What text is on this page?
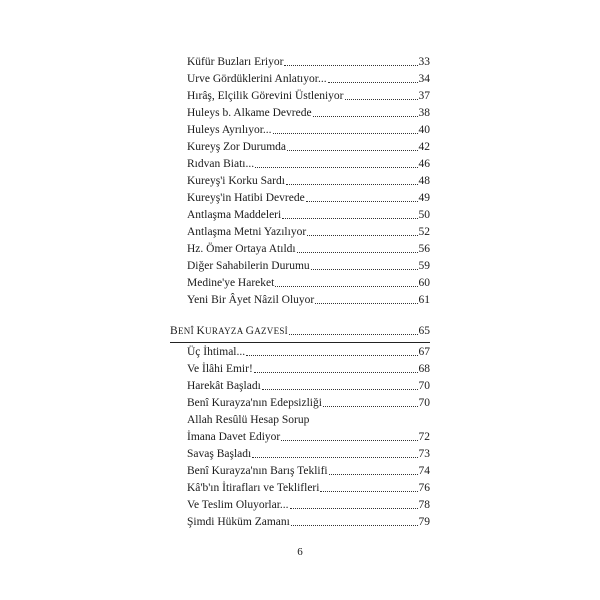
Küfür Buzları Eriyor	33
Urve Gördüklerini Anlatıyor...	34
Hırâş, Elçilik Görevini Üstleniyor	37
Huleys b. Alkame Devrede	38
Huleys Ayrılıyor...	40
Kureyş Zor Durumda	42
Rıdvan Biatı...	46
Kureyş'i Korku Sardı	48
Kureyş'in Hatibi Devrede	49
Antlaşma Maddeleri	50
Antlaşma Metni Yazılıyor	52
Hz. Ömer Ortaya Atıldı	56
Diğer Sahabilerin Durumu	59
Medine'ye Hareket	60
Yeni Bir Âyet Nâzil Oluyor	61
BENÎ KURAYZA GAZVESİ	65
Üç İhtimal...	67
Ve İlâhi Emir!	68
Harekât Başladı	70
Benî Kurayza'nın Edepsizliği	70
Allah Resûlü Hesap Sorup
İmana Davet Ediyor	72
Savaş Başladı	73
Benî Kurayza'nın Barış Teklifi	74
Kâ'b'ın İtirafları ve Teklifleri	76
Ve Teslim Oluyorlar...	78
Şimdi Hüküm Zamanı	79
6
